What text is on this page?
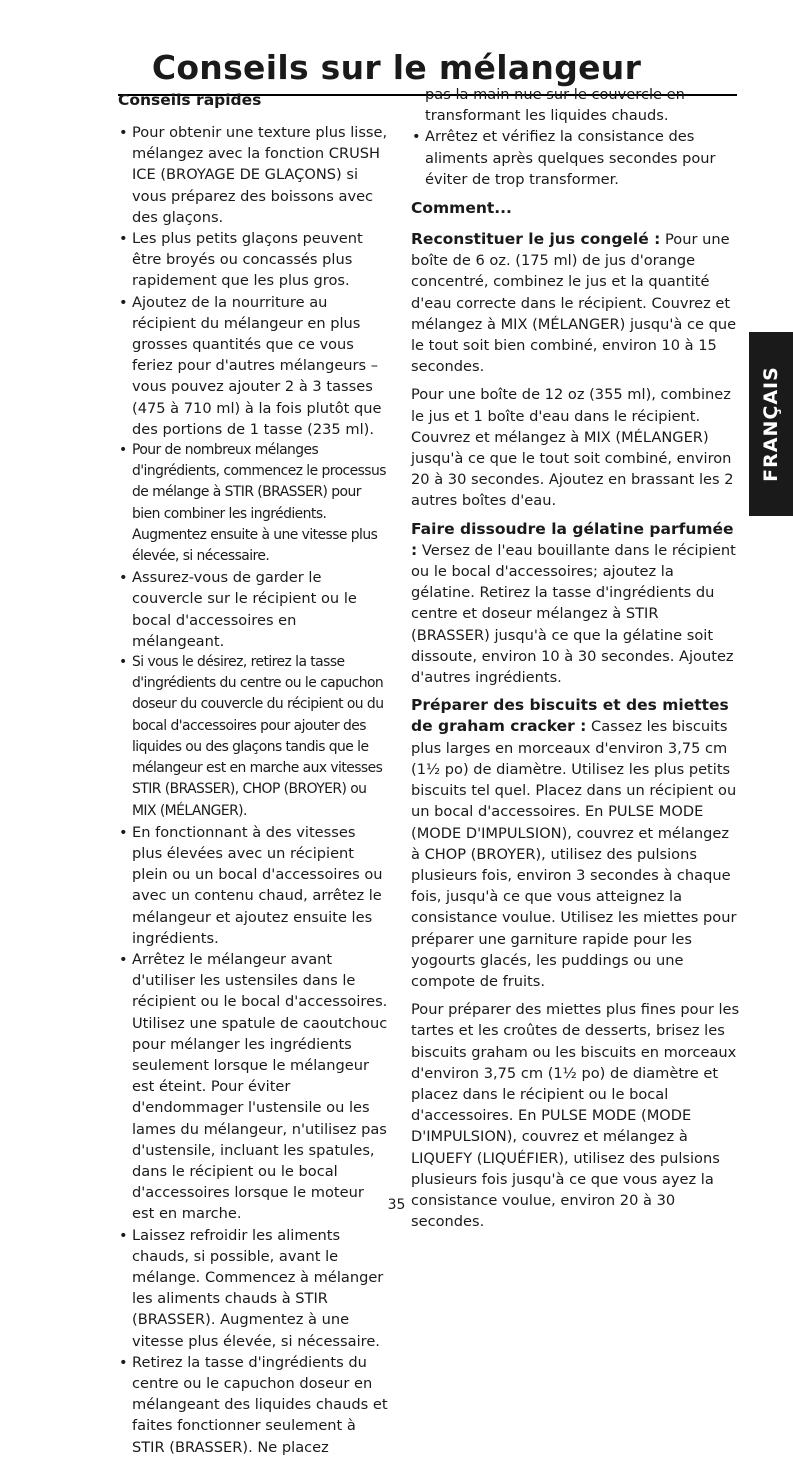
Conseils sur le mélangeur
Conseils rapides
• Pour obtenir une texture plus lisse, mélangez avec la fonction CRUSH ICE (BROYAGE DE GLAÇONS) si vous préparez des boissons avec des glaçons.
• Les plus petits glaçons peuvent être broyés ou concassés plus rapidement que les plus gros.
• Ajoutez de la nourriture au récipient du mélangeur en plus grosses quantités que ce vous feriez pour d'autres mélangeurs – vous pouvez ajouter 2 à 3 tasses (475 à 710 ml) à la fois plutôt que des portions de 1 tasse (235 ml).
• Pour de nombreux mélanges d'ingrédients, commencez le processus de mélange à STIR (BRASSER) pour bien combiner les ingrédients. Augmentez ensuite à une vitesse plus élevée, si nécessaire.
• Assurez-vous de garder le couvercle sur le récipient ou le bocal d'accessoires en mélangeant.
• Si vous le désirez, retirez la tasse d'ingrédients du centre ou le capuchon doseur du couvercle du récipient ou du bocal d'accessoires pour ajouter des liquides ou des glaçons tandis que le mélangeur est en marche aux vitesses STIR (BRASSER), CHOP (BROYER) ou MIX (MÉLANGER).
• En fonctionnant à des vitesses plus élevées avec un récipient plein ou un bocal d'accessoires ou avec un contenu chaud, arrêtez le mélangeur et ajoutez ensuite les ingrédients.
• Arrêtez le mélangeur avant d'utiliser les ustensiles dans le récipient ou le bocal d'accessoires. Utilisez une spatule de caoutchouc pour mélanger les ingrédients seulement lorsque le mélangeur est éteint. Pour éviter d'endommager l'ustensile ou les lames du mélangeur, n'utilisez pas d'ustensile, incluant les spatules, dans le récipient ou le bocal d'accessoires lorsque le moteur est en marche.
• Laissez refroidir les aliments chauds, si possible, avant le mélange. Commencez à mélanger les aliments chauds à STIR (BRASSER). Augmentez à une vitesse plus élevée, si nécessaire.
• Retirez la tasse d'ingrédients du centre ou le capuchon doseur en mélangeant des liquides chauds et faites fonctionner seulement à STIR (BRASSER). Ne placez
pas la main nue sur le couvercle en transformant les liquides chauds.
• Arrêtez et vérifiez la consistance des aliments après quelques secondes pour éviter de trop transformer.
Comment...

Reconstituer le jus congelé : Pour une boîte de 6 oz. (175 ml) de jus d'orange concentré, combinez le jus et la quantité d'eau correcte dans le récipient. Couvrez et mélangez à MIX (MÉLANGER) jusqu'à ce que le tout soit bien combiné, environ 10 à 15 secondes.

Pour une boîte de 12 oz (355 ml), combinez le jus et 1 boîte d'eau dans le récipient. Couvrez et mélangez à MIX (MÉLANGER) jusqu'à ce que le tout soit combiné, environ 20 à 30 secondes. Ajoutez en brassant les 2 autres boîtes d'eau.

Faire dissoudre la gélatine parfumée : Versez de l'eau bouillante dans le récipient ou le bocal d'accessoires; ajoutez la gélatine. Retirez la tasse d'ingrédients du centre et doseur mélangez à STIR (BRASSER) jusqu'à ce que la gélatine soit dissoute, environ 10 à 30 secondes. Ajoutez d'autres ingrédients.

Préparer des biscuits et des miettes de graham cracker : Cassez les biscuits plus larges en morceaux d'environ 3,75 cm (1½ po) de diamètre. Utilisez les plus petits biscuits tel quel. Placez dans un récipient ou un bocal d'accessoires. En PULSE MODE (MODE D'IMPULSION), couvrez et mélangez à CHOP (BROYER), utilisez des pulsions plusieurs fois, environ 3 secondes à chaque fois, jusqu'à ce que vous atteignez la consistance voulue. Utilisez les miettes pour préparer une garniture rapide pour les yogourts glacés, les puddings ou une compote de fruits.

Pour préparer des miettes plus fines pour les tartes et les croûtes de desserts, brisez les biscuits graham ou les biscuits en morceaux d'environ 3,75 cm (1½ po) de diamètre et placez dans le récipient ou le bocal d'accessoires. En PULSE MODE (MODE D'IMPULSION), couvrez et mélangez à LIQUEFY (LIQUÉFIER), utilisez des pulsions plusieurs fois jusqu'à ce que vous ayez la consistance voulue, environ 20 à 30 secondes.

FRANÇAIS
35
